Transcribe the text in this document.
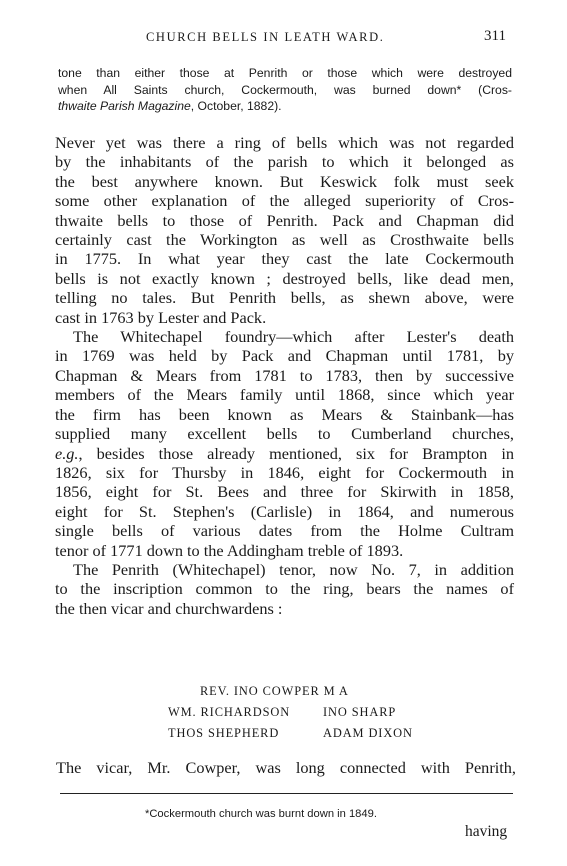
CHURCH BELLS IN LEATH WARD.	311
tone than either those at Penrith or those which were destroyed
when All Saints church, Cockermouth, was burned down* (Cros-
thwaite Parish Magazine, October, 1882).
Never yet was there a ring of bells which was not regarded
by the inhabitants of the parish to which it belonged as
the best anywhere known. But Keswick folk must seek
some other explanation of the alleged superiority of Cros-
thwaite bells to those of Penrith. Pack and Chapman did
certainly cast the Workington as well as Crosthwaite bells
in 1775. In what year they cast the late Cockermouth
bells is not exactly known ; destroyed bells, like dead men,
telling no tales. But Penrith bells, as shewn above, were
cast in 1763 by Lester and Pack.
The Whitechapel foundry—which after Lester's death
in 1769 was held by Pack and Chapman until 1781, by
Chapman & Mears from 1781 to 1783, then by successive
members of the Mears family until 1868, since which year
the firm has been known as Mears & Stainbank—has
supplied many excellent bells to Cumberland churches,
e.g., besides those already mentioned, six for Brampton in
1826, six for Thursby in 1846, eight for Cockermouth in
1856, eight for St. Bees and three for Skirwith in 1858,
eight for St. Stephen's (Carlisle) in 1864, and numerous
single bells of various dates from the Holme Cultram
tenor of 1771 down to the Addingham treble of 1893.
The Penrith (Whitechapel) tenor, now No. 7, in addition
to the inscription common to the ring, bears the names of
the then vicar and churchwardens :
REV. INO COWPER M A
WM. RICHARDSON	INO SHARP
THOS SHEPHERD	ADAM DIXON
The vicar, Mr. Cowper, was long connected with Penrith,
*Cockermouth church was burnt down in 1849.
having
